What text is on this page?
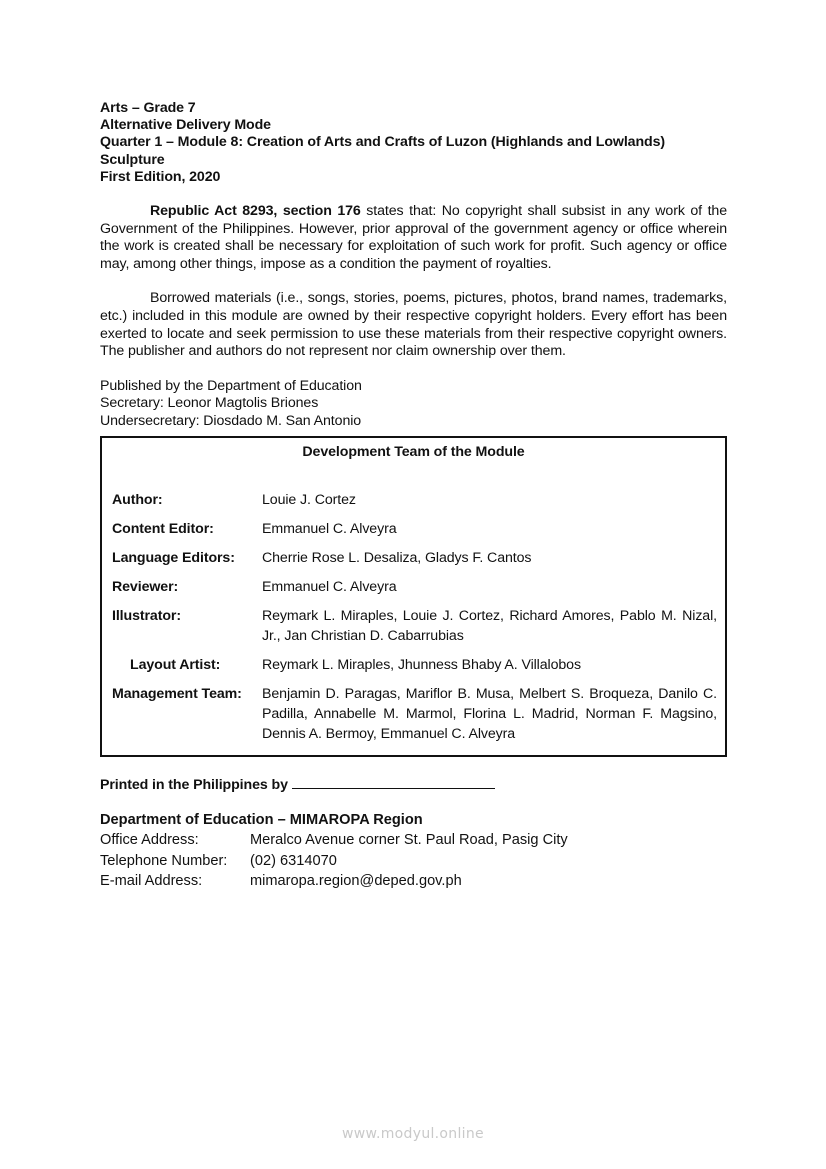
Arts – Grade 7
Alternative Delivery Mode
Quarter 1 – Module 8: Creation of Arts and Crafts of Luzon (Highlands and Lowlands)
Sculpture
First Edition, 2020

Republic Act 8293, section 176 states that: No copyright shall subsist in any work of the Government of the Philippines. However, prior approval of the government agency or office wherein the work is created shall be necessary for exploitation of such work for profit. Such agency or office may, among other things, impose as a condition the payment of royalties.

Borrowed materials (i.e., songs, stories, poems, pictures, photos, brand names, trademarks, etc.) included in this module are owned by their respective copyright holders. Every effort has been exerted to locate and seek permission to use these materials from their respective copyright owners. The publisher and authors do not represent nor claim ownership over them.

Published by the Department of Education
Secretary: Leonor Magtolis Briones
Undersecretary: Diosdado M. San Antonio
Development Team of the Module
Author:	Louie J. Cortez
Content Editor:	Emmanuel C. Alveyra
Language Editors:	Cherrie Rose L. Desaliza, Gladys F. Cantos
Reviewer:	Emmanuel C. Alveyra
Illustrator:	Reymark L. Miraples, Louie J. Cortez, Richard Amores, Pablo M. Nizal, Jr., Jan Christian D. Cabarrubias
Layout Artist:	Reymark L. Miraples, Jhunness Bhaby A. Villalobos
Management Team:	Benjamin D. Paragas, Mariflor B. Musa, Melbert S. Broqueza, Danilo C. Padilla, Annabelle M. Marmol, Florina L. Madrid, Norman F. Magsino, Dennis A. Bermoy, Emmanuel C. Alveyra
Printed in the Philippines by
Department of Education – MIMAROPA Region
Office Address:	Meralco Avenue corner St. Paul Road, Pasig City
Telephone Number:	(02) 6314070
E-mail Address:	mimaropa.region@deped.gov.ph
www.modyul.online
